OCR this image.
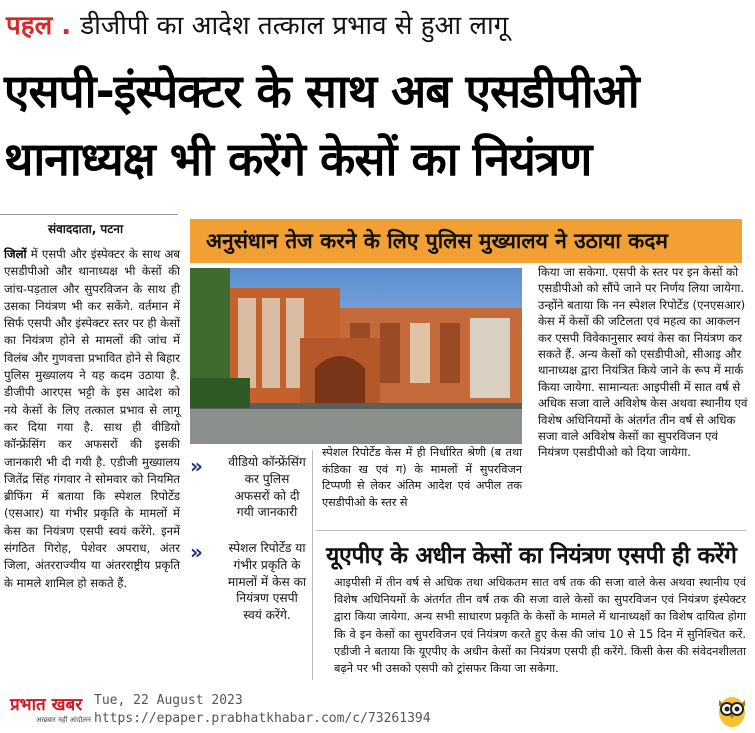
पहल . डीजीपी का आदेश तत्काल प्रभाव से हुआ लागू
एसपी-इंस्पेक्टर के साथ अब एसडीपीओ
थानाध्यक्ष भी करेंगे केसों का नियंत्रण
संवाददाता, पटना
जिलों में एसपी और इंस्पेक्टर के साथ अब एसडीपीओ और थानाध्यक्ष भी केसों की जांच-पड़ताल और सुपरविजन के साथ ही उसका नियंत्रण भी कर सकेंगे. वर्तमान में सिर्फ एसपी और इंस्पेक्टर स्तर पर ही केसों का नियंत्रण होने से मामलों की जांच में विलंब और गुणवत्ता प्रभावित होने से बिहार पुलिस मुख्यालय ने यह कदम उठाया है. डीजीपी आरएस भट्टी के इस आदेश को नये केसों के लिए तत्काल प्रभाव से लागू कर दिया गया है. साथ ही वीडियो कॉन्फ्रेंसिंग कर अफसरों की इसकी जानकारी भी दी गयी है. एडीजी मुख्यालय जितेंद्र सिंह गंगवार ने सोमवार को नियमित ब्रीफिंग में बताया कि स्पेशल रिपोर्टेड (एसआर) या गंभीर प्रकृति के मामलों में केस का नियंत्रण एसपी स्वयं करेंगे. इनमें संगठित गिरोह, पेशेवर अपराध, अंतर जिला, अंतरराज्यीय या अंतरराष्ट्रीय प्रकृति के मामले शामिल हो सकते हैं.
अनुसंधान तेज करने के लिए पुलिस मुख्यालय ने उठाया कदम
स्पेशल रिपोर्टेड केस में ही निर्धारित श्रेणी (ब तथा कंडिका ख एवं ग) के मामलों में सुपरविजन टिप्पणी से लेकर अंतिम आदेश एवं अपील तक एसडीपीओ के स्तर से
किया जा सकेगा. एसपी के स्तर पर इन केसों को एसडीपीओ को सौंपे जाने पर निर्णय लिया जायेगा. उन्होंने बताया कि नन स्पेशल रिपोर्टेड (एनएसआर) केस में केसों की जटिलता एवं महत्व का आकलन कर एसपी विवेकानुसार स्वयं केस का नियंत्रण कर सकते हैं. अन्य केसों को एसडीपीओ, सीआइ और थानाध्यक्ष द्वारा नियंत्रित किये जाने के रूप में मार्क किया जायेगा. सामान्यतः आइपीसी में सात वर्ष से अधिक सजा वाले अविशेष केस अथवा स्थानीय एवं विशेष अधिनियमों के अंतर्गत तीन वर्ष से अधिक सजा वाले अविशेष केसों का सुपरविजन एवं नियंत्रण एसडीपीओ को दिया जायेगा.
»	वीडियो कॉन्फ्रेंसिंग कर पुलिस अफसरों को दी गयी जानकारी
»	स्पेशल रिपोर्टेड या गंभीर प्रकृति के मामलों में केस का नियंत्रण एसपी स्वयं करेंगे.
यूएपीए के अधीन केसों का नियंत्रण एसपी ही करेंगे
आइपीसी में तीन वर्ष से अधिक तथा अधिकतम सात वर्ष तक की सजा वाले केस अथवा स्थानीय एवं विशेष अधिनियमों के अंतर्गत तीन वर्ष तक की सजा वाले केसों का सुपरविजन एवं नियंत्रण इंस्पेक्टर द्वारा किया जायेगा. अन्य सभी साधारण प्रकृति के केसों के मामले में थानाध्यक्षों का विशेष दायित्व होगा कि वे इन केसों का सुपरविजन एवं नियंत्रण करते हुए केस की जांच 10 से 15 दिन में सुनिश्चित करें. एडीजी ने बताया कि यूएपीए के अधीन केसों का नियंत्रण एसपी ही करेंगे. किसी केस की संवेदनशीलता बढ़ने पर भी उसको एसपी को ट्रांसफर किया जा सकेगा.
प्रभात खबर
अखबार नहीं आंदोलन
Tue, 22 August 2023
https://epaper.prabhatkhabar.com/c/73261394
